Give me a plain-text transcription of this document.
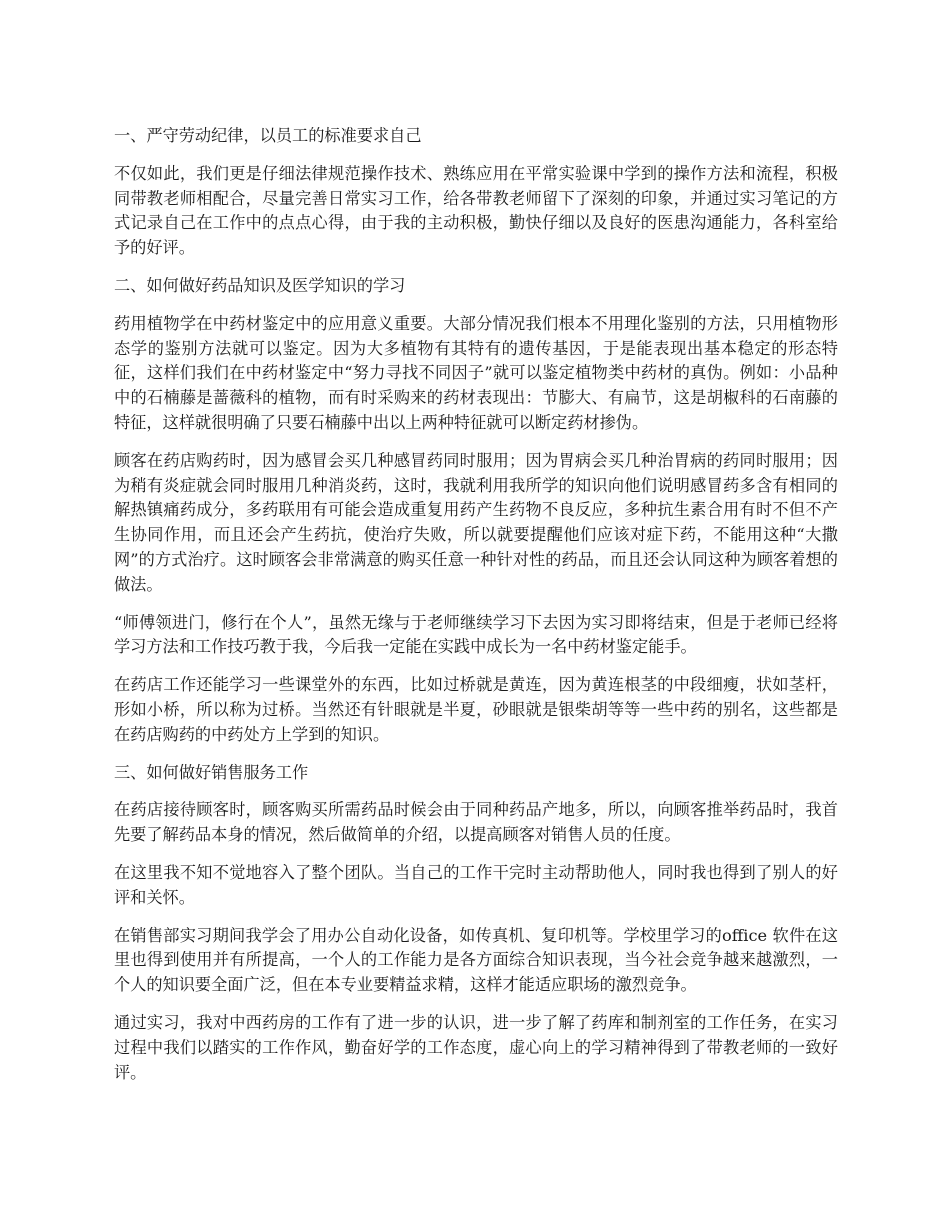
一、严守劳动纪律，以员工的标准要求自己

不仅如此，我们更是仔细法律规范操作技术、熟练应用在平常实验课中学到的操作方法和流程，积极同带教老师相配合，尽量完善日常实习工作，给各带教老师留下了深刻的印象，并通过实习笔记的方式记录自己在工作中的点点心得，由于我的主动积极，勤快仔细以及良好的医患沟通能力，各科室给予的好评。

二、如何做好药品知识及医学知识的学习

药用植物学在中药材鉴定中的应用意义重要。大部分情况我们根本不用理化鉴别的方法，只用植物形态学的鉴别方法就可以鉴定。因为大多植物有其特有的遗传基因，于是能表现出基本稳定的形态特征，这样们我们在中药材鉴定中“努力寻找不同因子”就可以鉴定植物类中药材的真伪。例如：小品种中的石楠藤是蔷薇科的植物，而有时采购来的药材表现出：节膨大、有扁节，这是胡椒科的石南藤的特征，这样就很明确了只要石楠藤中出以上两种特征就可以断定药材掺伪。

顾客在药店购药时，因为感冒会买几种感冒药同时服用；因为胃病会买几种治胃病的药同时服用；因为稍有炎症就会同时服用几种消炎药，这时，我就利用我所学的知识向他们说明感冒药多含有相同的解热镇痛药成分，多药联用有可能会造成重复用药产生药物不良反应，多种抗生素合用有时不但不产生协同作用，而且还会产生药抗，使治疗失败，所以就要提醒他们应该对症下药，不能用这种“大撒网”的方式治疗。这时顾客会非常满意的购买任意一种针对性的药品，而且还会认同这种为顾客着想的做法。

“师傅领进门，修行在个人”，虽然无缘与于老师继续学习下去因为实习即将结束，但是于老师已经将学习方法和工作技巧教于我，今后我一定能在实践中成长为一名中药材鉴定能手。

在药店工作还能学习一些课堂外的东西，比如过桥就是黄连，因为黄连根茎的中段细瘦，状如茎杆，形如小桥，所以称为过桥。当然还有针眼就是半夏，砂眼就是银柴胡等等一些中药的别名，这些都是在药店购药的中药处方上学到的知识。

三、如何做好销售服务工作

在药店接待顾客时，顾客购买所需药品时候会由于同种药品产地多，所以，向顾客推举药品时，我首先要了解药品本身的情况，然后做简单的介绍，以提高顾客对销售人员的任度。

在这里我不知不觉地容入了整个团队。当自己的工作干完时主动帮助他人，同时我也得到了别人的好评和关怀。

在销售部实习期间我学会了用办公自动化设备，如传真机、复印机等。学校里学习的office 软件在这里也得到使用并有所提高，一个人的工作能力是各方面综合知识表现，当今社会竞争越来越激烈，一个人的知识要全面广泛，但在本专业要精益求精，这样才能适应职场的激烈竞争。

通过实习，我对中西药房的工作有了进一步的认识，进一步了解了药库和制剂室的工作任务，在实习过程中我们以踏实的工作作风，勤奋好学的工作态度，虚心向上的学习精神得到了带教老师的一致好评。
